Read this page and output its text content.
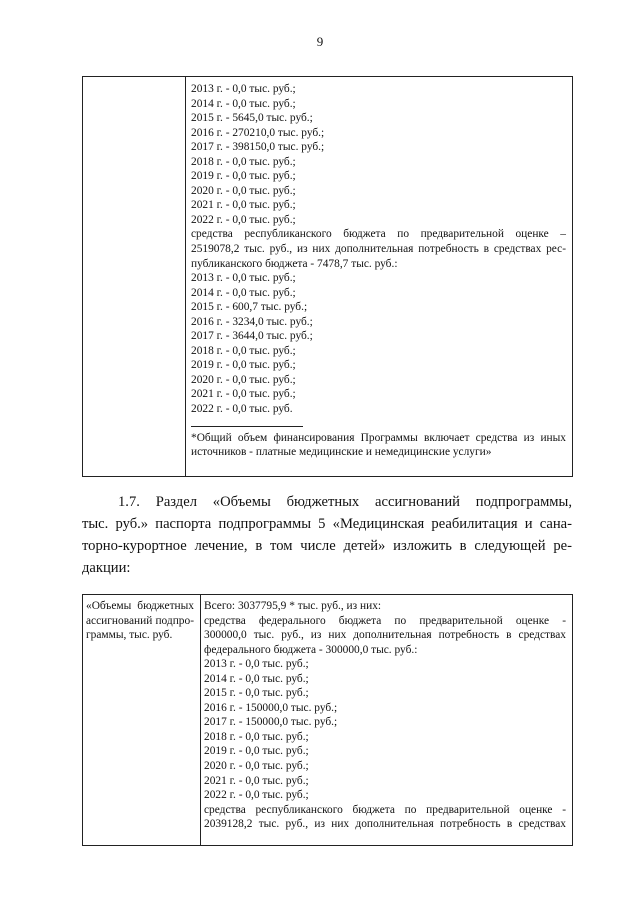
9
2013 г. - 0,0 тыс. руб.;
2014 г. - 0,0 тыс. руб.;
2015 г. - 5645,0 тыс. руб.;
2016 г. - 270210,0 тыс. руб.;
2017 г. - 398150,0 тыс. руб.;
2018 г. - 0,0 тыс. руб.;
2019 г. - 0,0 тыс. руб.;
2020 г. - 0,0 тыс. руб.;
2021 г. - 0,0 тыс. руб.;
2022 г. - 0,0 тыс. руб.;
средства республиканского бюджета по предварительной оценке –
2519078,2 тыс. руб., из них дополнительная потребность в средствах рес-
публиканского бюджета - 7478,7 тыс. руб.:
2013 г. - 0,0 тыс. руб.;
2014 г. - 0,0 тыс. руб.;
2015 г. - 600,7 тыс. руб.;
2016 г. - 3234,0 тыс. руб.;
2017 г. - 3644,0 тыс. руб.;
2018 г. - 0,0 тыс. руб.;
2019 г. - 0,0 тыс. руб.;
2020 г. - 0,0 тыс. руб.;
2021 г. - 0,0 тыс. руб.;
2022 г. - 0,0 тыс. руб.
*Общий объем финансирования Программы включает средства из иных
источников - платные медицинские и немедицинские услуги»
1.7. Раздел «Объемы бюджетных ассигнований подпрограммы,
тыс. руб.» паспорта подпрограммы 5 «Медицинская реабилитация и сана-
торно-курортное лечение, в том числе детей» изложить в следующей ре-
дакции:
«Объемы бюджетных
ассигнований подпро-
граммы, тыс. руб.
Всего: 3037795,9 * тыс. руб., из них:
средства федерального бюджета по предварительной оценке -
300000,0 тыс. руб., из них дополнительная потребность в средствах
федерального бюджета - 300000,0 тыс. руб.:
2013 г. - 0,0 тыс. руб.;
2014 г. - 0,0 тыс. руб.;
2015 г. - 0,0 тыс. руб.;
2016 г. - 150000,0 тыс. руб.;
2017 г. - 150000,0 тыс. руб.;
2018 г. - 0,0 тыс. руб.;
2019 г. - 0,0 тыс. руб.;
2020 г. - 0,0 тыс. руб.;
2021 г. - 0,0 тыс. руб.;
2022 г. - 0,0 тыс. руб.;
средства республиканского бюджета по предварительной оценке -
2039128,2 тыс. руб., из них дополнительная потребность в средствах
